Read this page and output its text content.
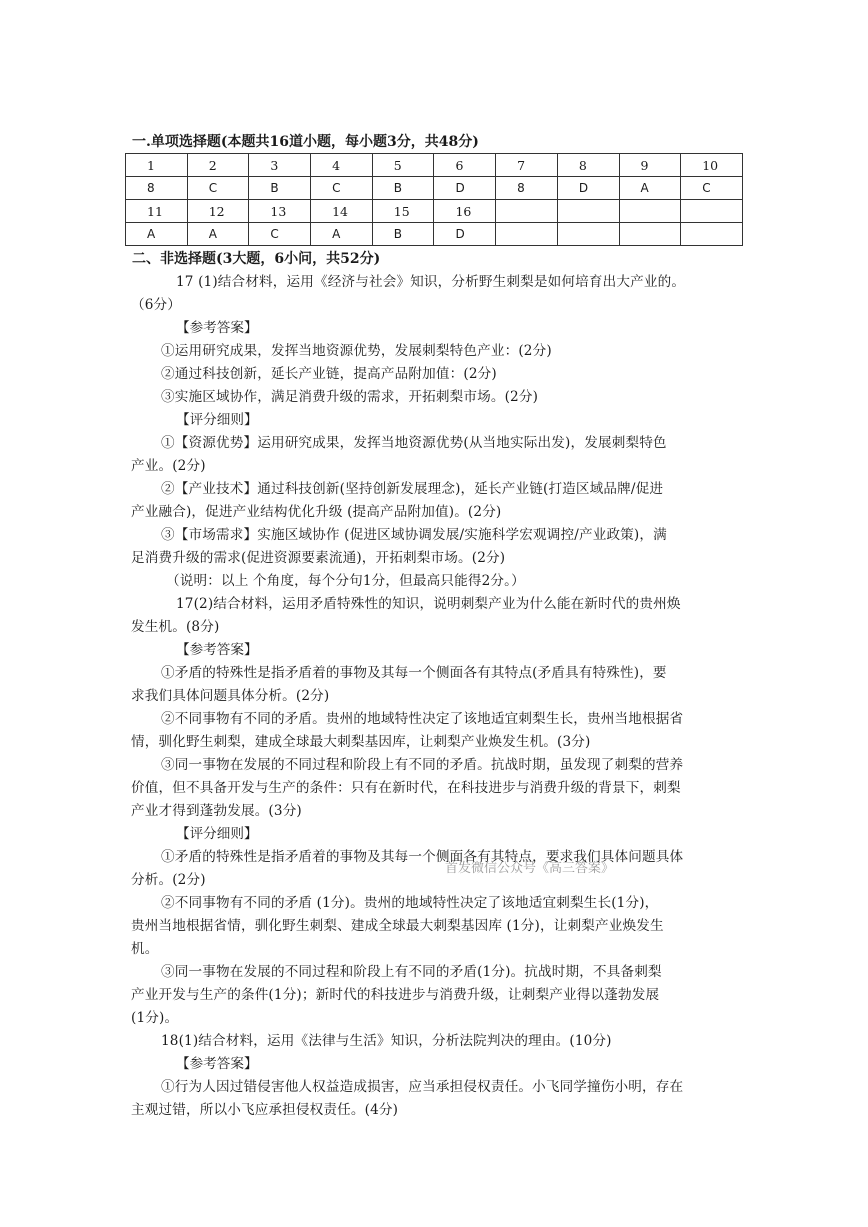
一.单项选择题(本题共16道小题，每小题3分，共48分)
1	2	3	4	5	6	7	8	9	10
8	C	B	C	B	D	8	D	A	C
11	12	13	14	15	16				
A	A	C	A	B	D				
二、非选择题(3大题，6小问，共52分)
17 (1)结合材料，运用《经济与社会》知识，分析野生刺梨是如何培育出大产业的。
（6分）
【参考答案】
①运用研究成果，发挥当地资源优势，发展刺梨特色产业：(2分)
②通过科技创新，延长产业链，提高产品附加值：(2分)
③实施区域协作，满足消费升级的需求，开拓刺梨市场。(2分)
【评分细则】
①【资源优势】运用研究成果，发挥当地资源优势(从当地实际出发)，发展刺梨特色
产业。(2分)
②【产业技术】通过科技创新(坚持创新发展理念)，延长产业链(打造区域品牌/促进
产业融合)，促进产业结构优化升级 (提高产品附加值)。(2分)
③【市场需求】实施区域协作 (促进区域协调发展/实施科学宏观调控/产业政策)，满
足消费升级的需求(促进资源要素流通)，开拓刺梨市场。(2分)
（说明：以上 个角度，每个分句1分，但最高只能得2分。）
17(2)结合材料，运用矛盾特殊性的知识，说明刺梨产业为什么能在新时代的贵州焕
发生机。(8分)
【参考答案】
①矛盾的特殊性是指矛盾着的事物及其每一个侧面各有其特点(矛盾具有特殊性)，要
求我们具体问题具体分析。(2分)
②不同事物有不同的矛盾。贵州的地域特性决定了该地适宜刺梨生长，贵州当地根据省
情，驯化野生刺梨，建成全球最大刺梨基因库，让刺梨产业焕发生机。(3分)
③同一事物在发展的不同过程和阶段上有不同的矛盾。抗战时期，虽发现了刺梨的营养
价值，但不具备开发与生产的条件：只有在新时代，在科技进步与消费升级的背景下，刺梨
产业才得到蓬勃发展。(3分)
【评分细则】
①矛盾的特殊性是指矛盾着的事物及其每一个侧面各有其特点，要求我们具体问题具体
分析。(2分)
首发微信公众号《高三答案》
②不同事物有不同的矛盾 (1分)。贵州的地域特性决定了该地适宜刺梨生长(1分)，
贵州当地根据省情，驯化野生刺梨、建成全球最大刺梨基因库 (1分)，让刺梨产业焕发生
机。
③同一事物在发展的不同过程和阶段上有不同的矛盾(1分)。抗战时期，不具备刺梨
产业开发与生产的条件(1分)；新时代的科技进步与消费升级，让刺梨产业得以蓬勃发展
(1分)。
18(1)结合材料，运用《法律与生活》知识，分析法院判决的理由。(10分)
【参考答案】
①行为人因过错侵害他人权益造成损害，应当承担侵权责任。小飞同学撞伤小明，存在
主观过错，所以小飞应承担侵权责任。(4分)
